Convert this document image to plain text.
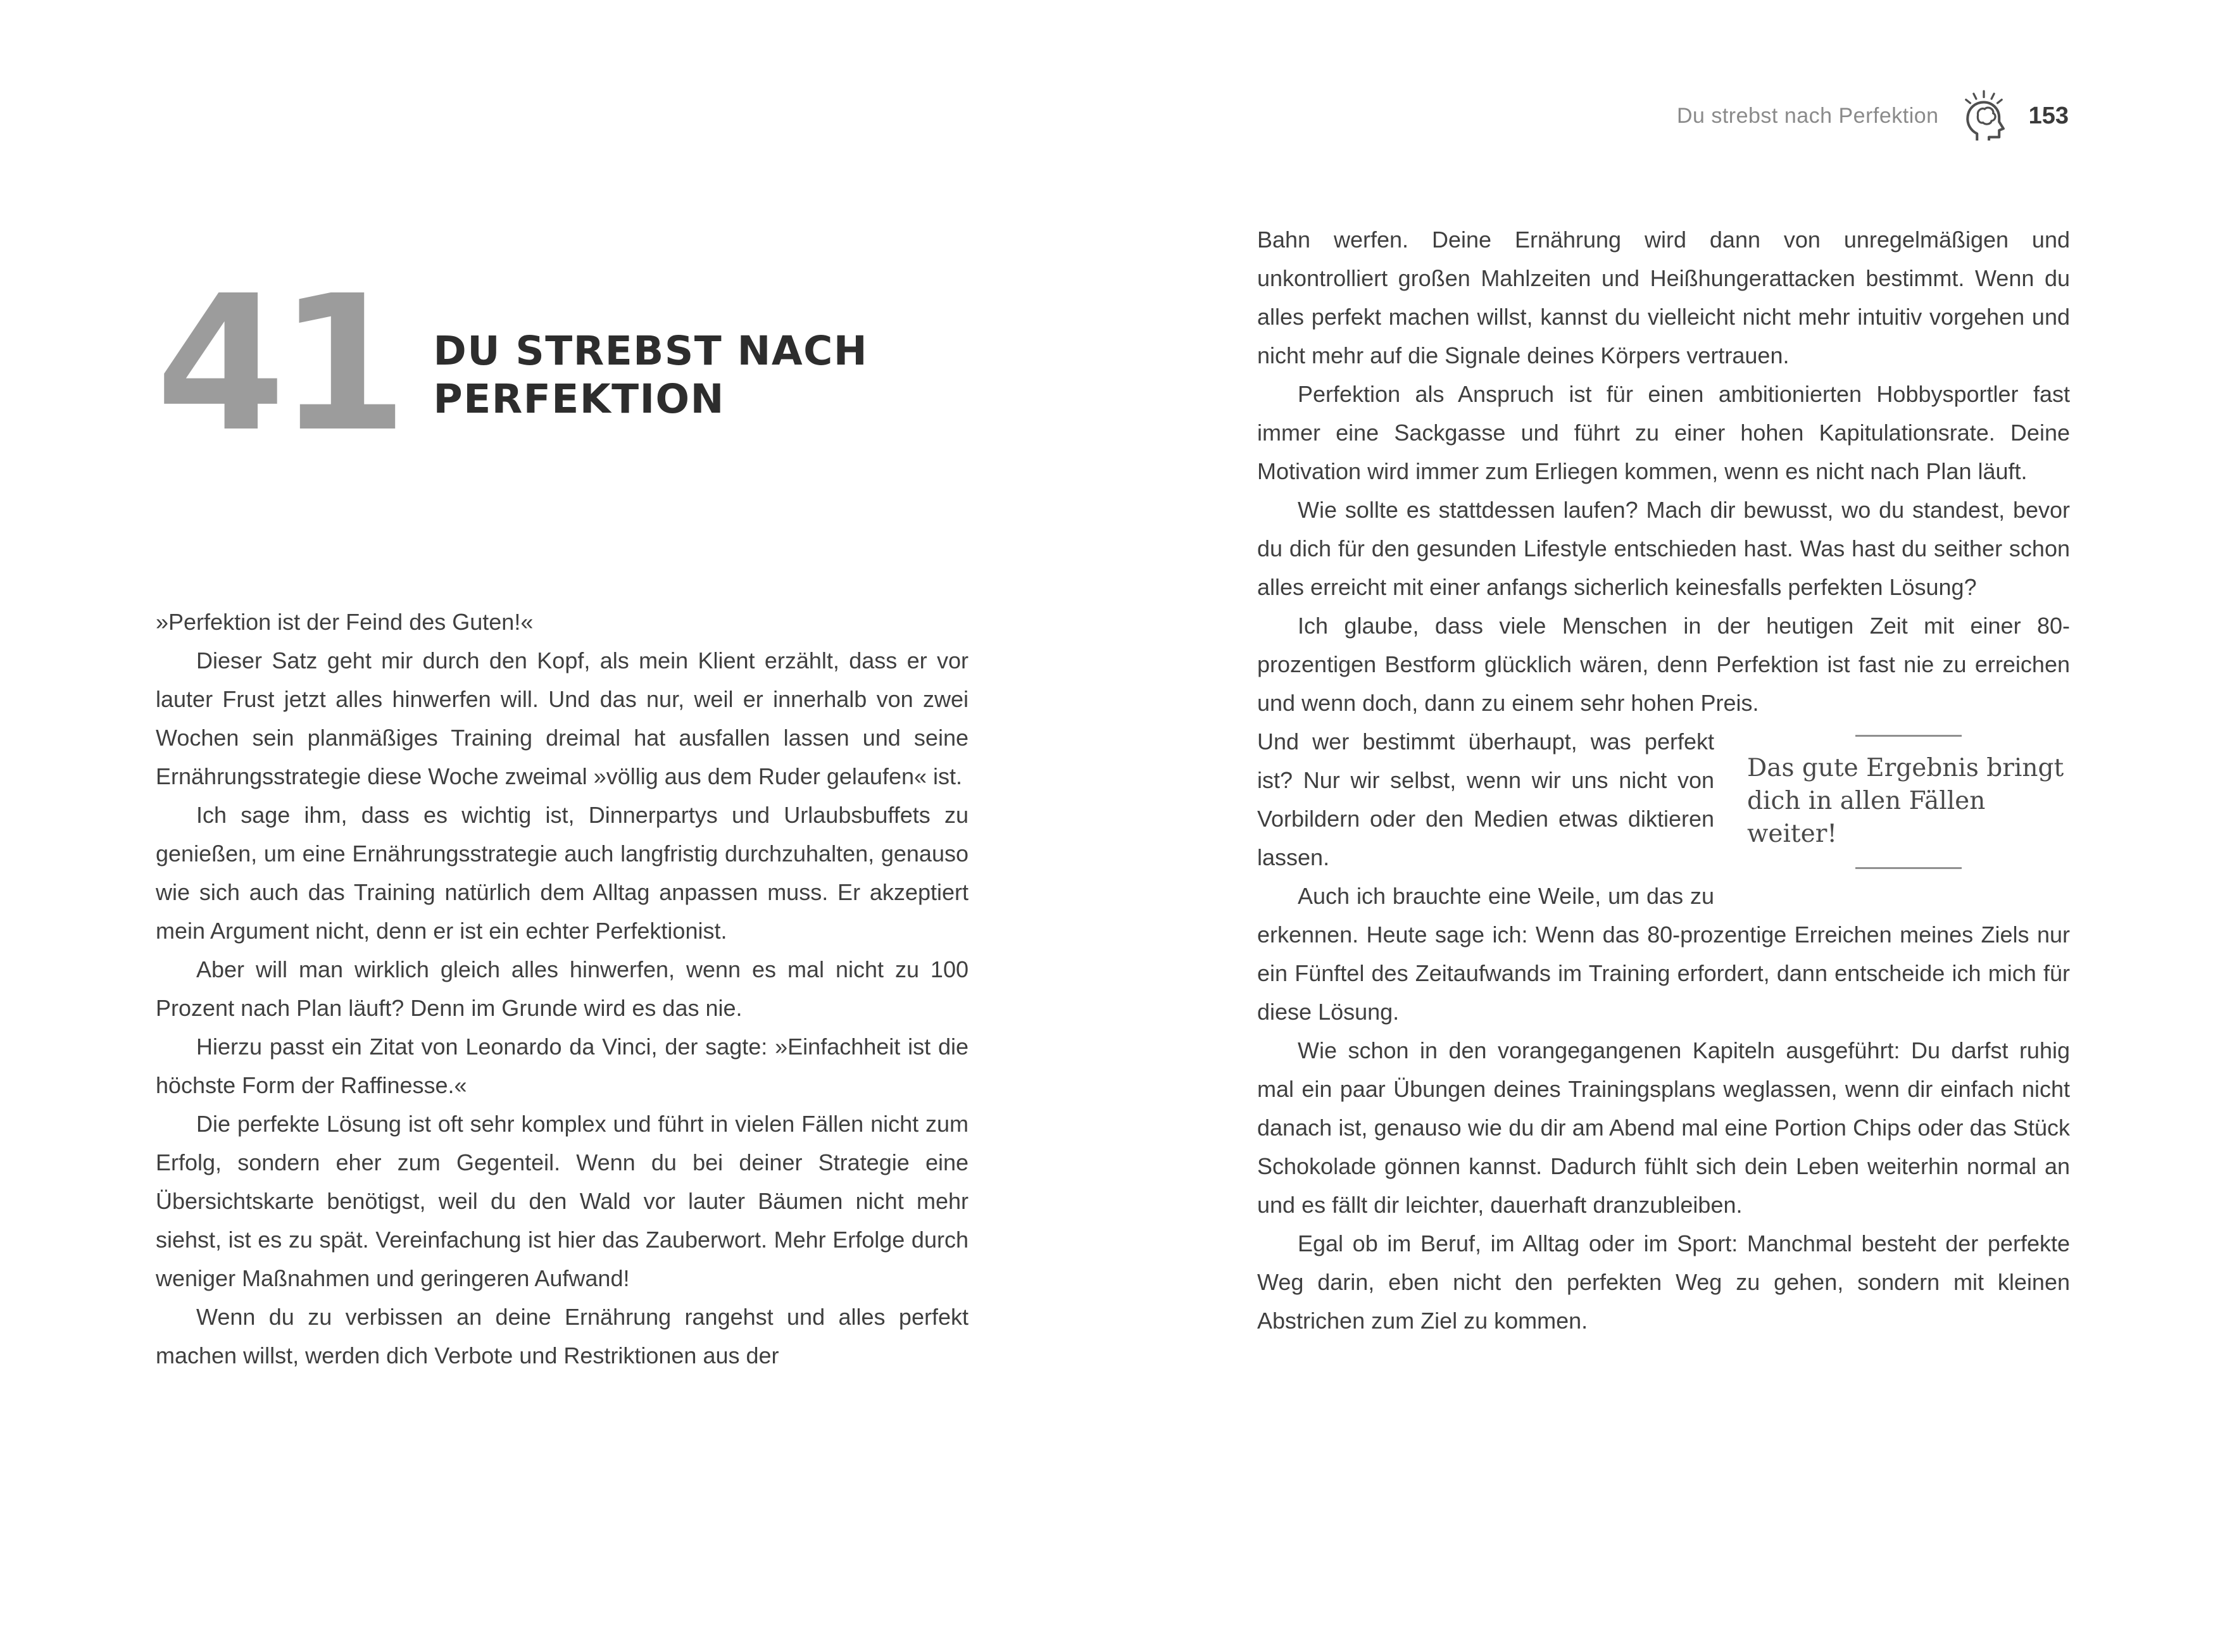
Du strebst nach Perfektion	153
41 DU STREBST NACH
PERFEKTION

»Perfektion ist der Feind des Guten!«

Dieser Satz geht mir durch den Kopf, als mein Klient erzählt, dass er vor lauter Frust jetzt alles hinwerfen will. Und das nur, weil er innerhalb von zwei Wochen sein planmäßiges Training dreimal hat ausfallen lassen und seine Ernährungsstrategie diese Woche zweimal »völlig aus dem Ruder gelaufen« ist.

Ich sage ihm, dass es wichtig ist, Dinnerpartys und Urlaubsbuffets zu genießen, um eine Ernährungsstrategie auch langfristig durchzuhalten, genauso wie sich auch das Training natürlich dem Alltag anpassen muss. Er akzeptiert mein Argument nicht, denn er ist ein echter Perfektionist.

Aber will man wirklich gleich alles hinwerfen, wenn es mal nicht zu 100 Prozent nach Plan läuft? Denn im Grunde wird es das nie.

Hierzu passt ein Zitat von Leonardo da Vinci, der sagte: »Einfachheit ist die höchste Form der Raffinesse.«

Die perfekte Lösung ist oft sehr komplex und führt in vielen Fällen nicht zum Erfolg, sondern eher zum Gegenteil. Wenn du bei deiner Strategie eine Übersichtskarte benötigst, weil du den Wald vor lauter Bäumen nicht mehr siehst, ist es zu spät. Vereinfachung ist hier das Zauberwort. Mehr Erfolge durch weniger Maßnahmen und geringeren Aufwand!

Wenn du zu verbissen an deine Ernährung rangehst und alles perfekt machen willst, werden dich Verbote und Restriktionen aus der

Bahn werfen. Deine Ernährung wird dann von unregelmäßigen und unkontrolliert großen Mahlzeiten und Heißhungerattacken bestimmt. Wenn du alles perfekt machen willst, kannst du vielleicht nicht mehr intuitiv vorgehen und nicht mehr auf die Signale deines Körpers vertrauen.

Perfektion als Anspruch ist für einen ambitionierten Hobbysportler fast immer eine Sackgasse und führt zu einer hohen Kapitulationsrate. Deine Motivation wird immer zum Erliegen kommen, wenn es nicht nach Plan läuft.

Wie sollte es stattdessen laufen? Mach dir bewusst, wo du standest, bevor du dich für den gesunden Lifestyle entschieden hast. Was hast du seither schon alles erreicht mit einer anfangs sicherlich keinesfalls perfekten Lösung?

Ich glaube, dass viele Menschen in der heutigen Zeit mit einer 80-prozentigen Bestform glücklich wären, denn Perfektion ist fast nie zu erreichen und wenn doch, dann zu einem sehr hohen Preis.

Das gute Ergebnis bringt dich in allen Fällen weiter!
Und wer bestimmt überhaupt, was perfekt ist? Nur wir selbst, wenn wir uns nicht von Vorbildern oder den Medien etwas diktieren lassen.

Auch ich brauchte eine Weile, um das zu erkennen. Heute sage ich: Wenn das 80-prozentige Erreichen meines Ziels nur ein Fünftel des Zeitaufwands im Training erfordert, dann entscheide ich mich für diese Lösung.

Wie schon in den vorangegangenen Kapiteln ausgeführt: Du darfst ruhig mal ein paar Übungen deines Trainingsplans weglassen, wenn dir einfach nicht danach ist, genauso wie du dir am Abend mal eine Portion Chips oder das Stück Schokolade gönnen kannst. Dadurch fühlt sich dein Leben weiterhin normal an und es fällt dir leichter, dauerhaft dranzubleiben.

Egal ob im Beruf, im Alltag oder im Sport: Manchmal besteht der perfekte Weg darin, eben nicht den perfekten Weg zu gehen, sondern mit kleinen Abstrichen zum Ziel zu kommen.
